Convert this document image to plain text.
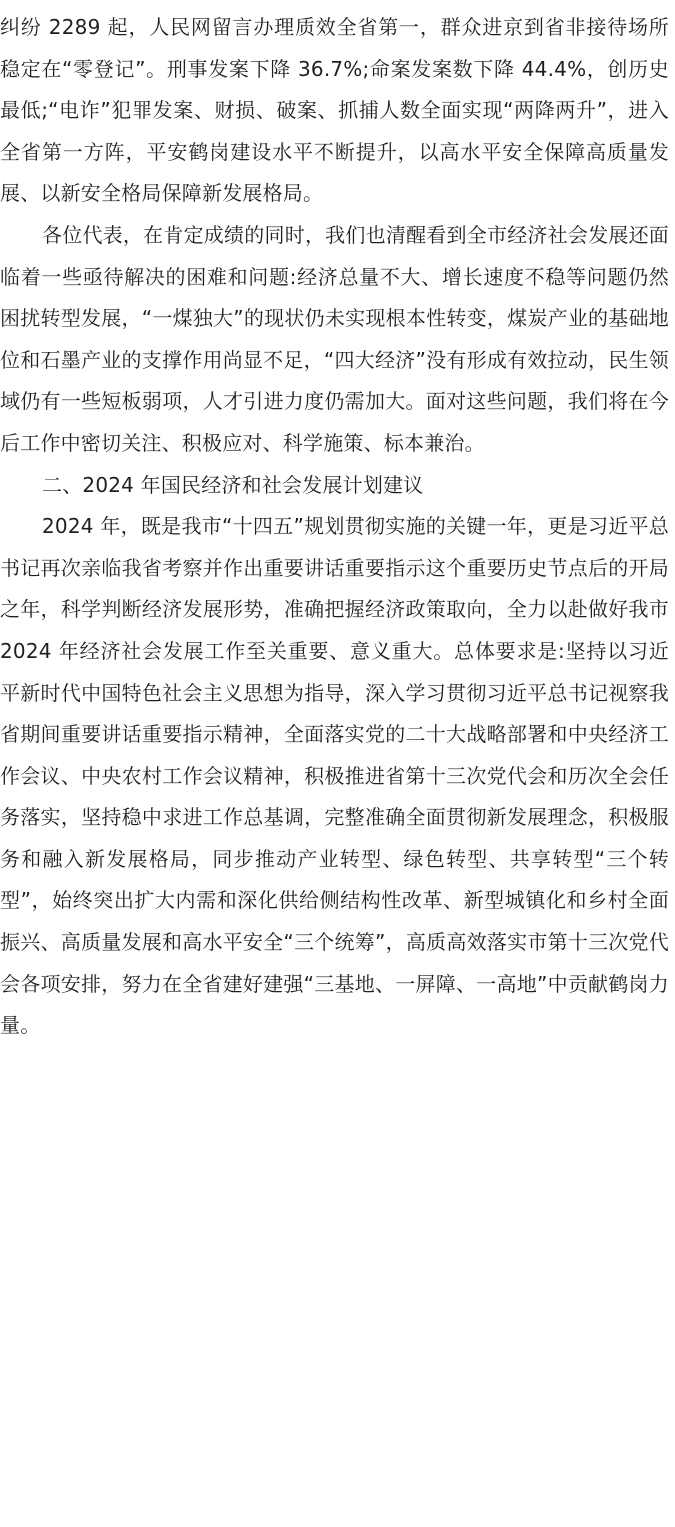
纠纷 2289 起，人民网留言办理质效全省第一，群众进京到省非接待场所稳定在“零登记”。刑事发案下降 36.7%;命案发案数下降 44.4%，创历史最低;“电诈”犯罪发案、财损、破案、抓捕人数全面实现“两降两升”，进入全省第一方阵，平安鹤岗建设水平不断提升，以高水平安全保障高质量发展、以新安全格局保障新发展格局。

各位代表，在肯定成绩的同时，我们也清醒看到全市经济社会发展还面临着一些亟待解决的困难和问题:经济总量不大、增长速度不稳等问题仍然困扰转型发展，“一煤独大”的现状仍未实现根本性转变，煤炭产业的基础地位和石墨产业的支撑作用尚显不足，“四大经济”没有形成有效拉动，民生领域仍有一些短板弱项，人才引进力度仍需加大。面对这些问题，我们将在今后工作中密切关注、积极应对、科学施策、标本兼治。

二、2024 年国民经济和社会发展计划建议

2024 年，既是我市“十四五”规划贯彻实施的关键一年，更是习近平总书记再次亲临我省考察并作出重要讲话重要指示这个重要历史节点后的开局之年，科学判断经济发展形势，准确把握经济政策取向，全力以赴做好我市 2024 年经济社会发展工作至关重要、意义重大。总体要求是:坚持以习近平新时代中国特色社会主义思想为指导，深入学习贯彻习近平总书记视察我省期间重要讲话重要指示精神，全面落实党的二十大战略部署和中央经济工作会议、中央农村工作会议精神，积极推进省第十三次党代会和历次全会任务落实，坚持稳中求进工作总基调，完整准确全面贯彻新发展理念，积极服务和融入新发展格局，同步推动产业转型、绿色转型、共享转型“三个转型”，始终突出扩大内需和深化供给侧结构性改革、新型城镇化和乡村全面振兴、高质量发展和高水平安全“三个统筹”，高质高效落实市第十三次党代会各项安排，努力在全省建好建强“三基地、一屏障、一高地”中贡献鹤岗力量。
